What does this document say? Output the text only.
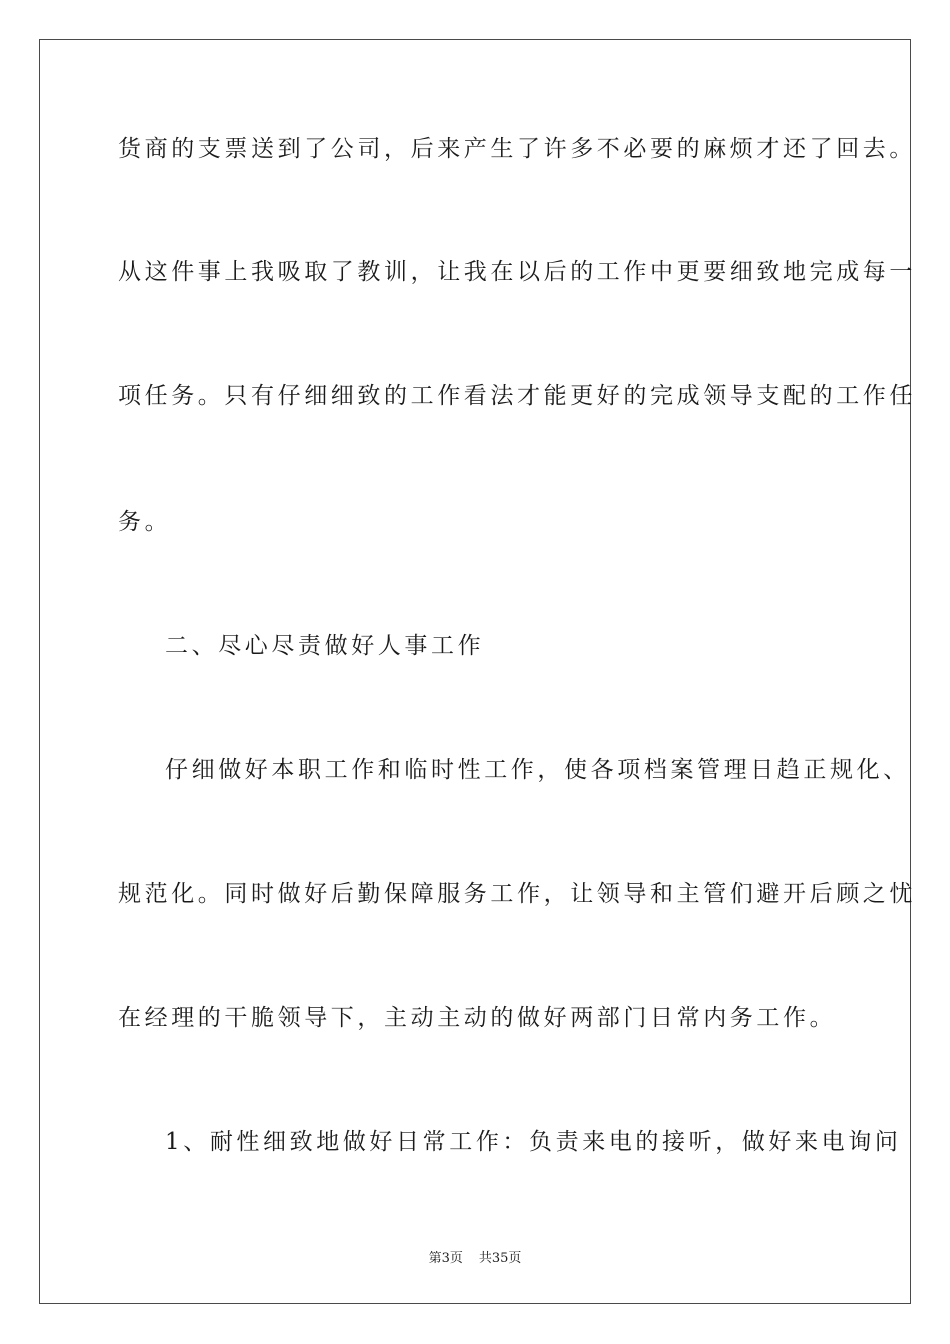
货商的支票送到了公司，后来产生了许多不必要的麻烦才还了回去。
从这件事上我吸取了教训，让我在以后的工作中更要细致地完成每一
项任务。只有仔细细致的工作看法才能更好的完成领导支配的工作任
务。
二、尽心尽责做好人事工作
仔细做好本职工作和临时性工作，使各项档案管理日趋正规化、
规范化。同时做好后勤保障服务工作，让领导和主管们避开后顾之忧
在经理的干脆领导下，主动主动的做好两部门日常内务工作。
1、耐性细致地做好日常工作：负责来电的接听，做好来电询问
第3页 共35页
